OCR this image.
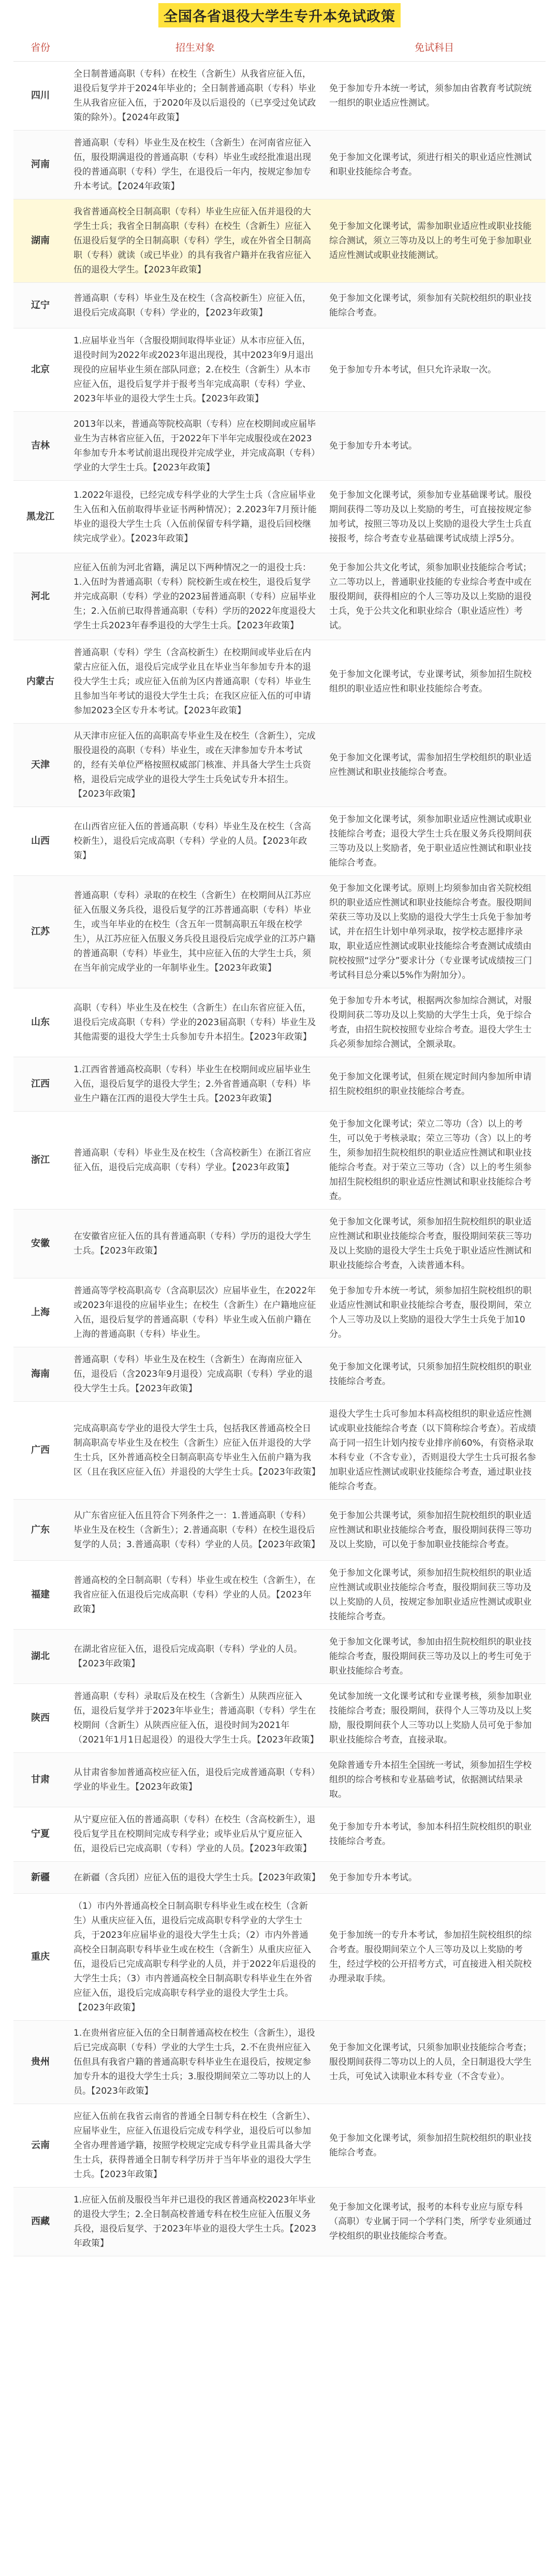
全国各省退役大学生专升本免试政策
省份	招生对象	免试科目
四川	全日制普通高职（专科）在校生（含新生）从我省应征入伍，退役后复学并于2024年毕业的；全日制普通高职（专科）毕业生从我省应征入伍，于2020年及以后退役的（已享受过免试政策的除外）。【2024年政策】	免于参加专升本统一考试，须参加由省教育考试院统一组织的职业适应性测试。
河南	普通高职（专科）毕业生及在校生（含新生）在河南省应征入伍，服役期满退役的普通高职（专科）毕业生或经批准退出现役的普通高职（专科）学生，在退役后一年内，按规定参加专升本考试。【2024年政策】	免于参加文化课考试，须进行相关的职业适应性测试和职业技能综合考查。
湖南	我省普通高校全日制高职（专科）毕业生应征入伍并退役的大学生士兵；我省全日制高职（专科）在校生（含新生）应征入伍退役后复学的全日制高职（专科）学生，或在外省全日制高职（专科）就读（或已毕业）的具有我省户籍并在我省应征入伍的退役大学生。【2023年政策】	免于参加文化课考试，需参加职业适应性或职业技能综合测试，须立三等功及以上的考生可免于参加职业适应性测试或职业技能测试。
辽宁	普通高职（专科）毕业生及在校生（含高校新生）应征入伍，退役后完成高职（专科）学业的，【2023年政策】	免于参加文化课考试，须参加有关院校组织的职业技能综合考查。
北京	1.应届毕业当年（含服役期间取得毕业证）从本市应征入伍，退役时间为2022年或2023年退出现役，其中2023年9月退出现役的应届毕业生须在部队同意；2.在校生（含新生）从本市应征入伍，退役后复学并于报考当年完成高职（专科）学业、2023年毕业的退役大学生士兵。【2023年政策】	免于参加专升本考试，但只允许录取一次。
吉林	2013年以来，普通高等院校高职（专科）应在校期间或应届毕业生为吉林省应征入伍，于2022年下半年完成服役或在2023年参加专升本考试前退出现役并完成学业，并完成高职（专科）学业的大学生士兵。【2023年政策】	免于参加专升本考试。
黑龙江	1.2022年退役，已经完成专科学业的大学生士兵（含应届毕业生入伍和入伍前取得毕业证书两种情况）；2.2023年7月预计能毕业的退役大学生士兵（入伍前保留专科学籍，退役后回校继续完成学业）。【2023年政策】	免于参加文化课考试，须参加专业基础课考试。服役期间获得二等功及以上奖励的考生，可直接按规定参加考试，按照三等功及以上奖励的退役大学生士兵直接报考，综合考查专业基础课考试成绩上浮5分。
河北	应征入伍前为河北省籍，满足以下两种情况之一的退役士兵：1.入伍时为普通高职（专科）院校新生或在校生，退役后复学并完成高职（专科）学业的2023届普通高职（专科）应届毕业生；2.入伍前已取得普通高职（专科）学历的2022年度退役大学生士兵2023年春季退役的大学生士兵。【2023年政策】	免于参加公共文化考试，须参加职业技能综合考试；立二等功以上，普通职业技能的专业综合考查中或在服役期间，获得相应的个人三等功及以上奖励的退役士兵，免于公共文化和职业综合（职业适应性）考试。
内蒙古	普通高职（专科）学生（含高校新生）在校期间或毕业后在内蒙古应征入伍，退役后完成学业且在毕业当年参加专升本的退役大学生士兵；或应征入伍前为区内普通高职（专科）毕业生且参加当年考试的退役大学生士兵；在我区应征入伍的可申请参加2023全区专升本考试。【2023年政策】	免于参加文化课考试，专业课考试，须参加招生院校组织的职业适应性和职业技能综合考查。
天津	从天津市应征入伍的高职高专毕业生及在校生（含新生），完成服役退役的高职（专科）毕业生，或在天津参加专升本考试的，经有关单位严格按照权威部门核准、并具备大学生士兵资格，退役后完成学业的退役大学生士兵免试专升本招生。【2023年政策】	免于参加文化课考试，需参加招生学校组织的职业适应性测试和职业技能综合考查。
山西	在山西省应征入伍的普通高职（专科）毕业生及在校生（含高校新生），退役后完成高职（专科）学业的人员。【2023年政策】	免于参加文化课考试，须参加职业适应性测试或职业技能综合考查；退役大学生士兵在服义务兵役期间获三等功及以上奖励者，免于职业适应性测试和职业技能综合考查。
江苏	普通高职（专科）录取的在校生（含新生）在校期间从江苏应征入伍服义务兵役，退役后复学的江苏普通高职（专科）毕业生，或当年毕业的在校生（含五年一贯制高职五年级在校学生），从江苏应征入伍服义务兵役且退役后完成学业的江苏户籍的普通高职（专科）毕业生，其中应征入伍的大学生士兵，须在当年前完成学业的一年制毕业生。【2023年政策】	免于参加文化课考试。原则上均须参加由省关院校组织的职业适应性测试和职业技能综合考查。服役期间荣获三等功及以上奖励的退役大学生士兵免于参加考试，并在招生计划中单列录取，按学校志愿排序录取，职业适应性测试或职业技能综合考查测试成绩由院校按照“过学分”要求计分（专业课考试成绩按三门考试科目总分乘以5%作为附加分）。
山东	高职（专科）毕业生及在校生（含新生）在山东省应征入伍，退役后完成高职（专科）学业的2023届高职（专科）毕业生及其他需要的退役大学生士兵参加专升本招生。【2023年政策】	免于参加专升本考试，根据两次参加综合测试，对服役期间获二等功及以上奖励的大学生士兵，免于综合考查，由招生院校按照专业综合考查。退役大学生士兵必须参加综合测试，全额录取。
江西	1.江西省普通高校高职（专科）毕业生在校期间或应届毕业生入伍，退役后复学的退役大学生；2.外省普通高职（专科）毕业生户籍在江西的退役大学生士兵。【2023年政策】	免于参加文化课考试，但须在规定时间内参加所申请招生院校组织的职业技能综合考查。
浙江	普通高职（专科）毕业生及在校生（含高校新生）在浙江省应征入伍，退役后完成高职（专科）学业。【2023年政策】	免于参加文化课考试；荣立二等功（含）以上的考生，可以免于考核录取；荣立三等功（含）以上的考生，须参加招生院校组织的职业适应性测试和职业技能综合考查。对于荣立三等功（含）以上的考生须参加招生院校组织的职业适应性测试和职业技能综合考查。
安徽	在安徽省应征入伍的具有普通高职（专科）学历的退役大学生士兵。【2023年政策】	免于参加文化课考试，须参加招生院校组织的职业适应性测试和职业技能综合考查，服役期间荣获三等功及以上奖励的退役大学生士兵免于职业适应性测试和职业技能综合考查，入读普通本科。
上海	普通高等学校高职高专（含高职层次）应届毕业生，在2022年或2023年退役的应届毕业生；在校生（含新生）在户籍地应征入伍，退役后复学的普通高职（专科）毕业生或入伍前户籍在上海的普通高职（专科）毕业生。	免于参加专升本统一考试，须参加招生院校组织的职业适应性测试和职业技能综合考查，服役期间，荣立个人三等功及以上奖励的退役大学生士兵免于加10分。
海南	普通高职（专科）毕业生及在校生（含新生）在海南应征入伍，退役后（含2023年9月退役）完成高职（专科）学业的退役大学生士兵。【2023年政策】	免于参加文化课考试，只须参加招生院校组织的职业技能综合考查。
广西	完成高职高专学业的退役大学生士兵，包括我区普通高校全日制高职高专毕业生及在校生（含新生）应征入伍并退役的大学生士兵，区外普通高校全日制高职高专毕业生入伍前户籍为我区（且在我区应征入伍）并退役的大学生士兵。【2023年政策】	退役大学生士兵可参加本科高校组织的职业适应性测试或职业技能综合考查（以下简称综合考查）。若成绩高于同一招生计划内按专业排序前60%，有资格录取本科专业（不含专业），否则退役大学生士兵可报名参加职业适应性测试或职业技能综合考查，通过职业技能综合考查。
广东	从广东省应征入伍且符合下列条件之一：1.普通高职（专科）毕业生及在校生（含新生）；2.普通高职（专科）在校生退役后复学的人员；3.普通高职（专科）学业的人员。【2023年政策】	免于参加公共课考试，须参加招生院校组织的职业适应性测试和职业技能综合考查，服役期间获得三等功及以上奖励，可以免于参加职业技能综合考查。
福建	普通高校的全日制高职（专科）毕业生或在校生（含新生），在我省应征入伍退役后完成高职（专科）学业的人员。【2023年政策】	免于参加文化课考试，须参加招生院校组织的职业适应性测试或职业技能综合考查，服役期间获三等功及以上奖励的人员，按规定参加职业适应性测试或职业技能综合考查。
湖北	在湖北省应征入伍，退役后完成高职（专科）学业的人员。【2023年政策】	免于参加文化课考试，参加由招生院校组织的职业技能综合考查，服役期间获三等功及以上的考生可免于职业技能综合考查。
陕西	普通高职（专科）录取后及在校生（含新生）从陕西应征入伍，退役后复学并于2023年毕业生；普通高职（专科）学生在校期间（含新生）从陕西应征入伍，退役时间为2021年（2021年1月1日起退役）的退役大学生士兵。【2023年政策】	免试参加统一文化课考试和专业课考核，须参加职业技能综合考查；服役期间，获得个人三等功及以上奖励，服役期间获个人三等功以上奖励人员可免于参加职业技能综合考查，直接录取。
甘肃	从甘肃省参加普通高校应征入伍，退役后完成普通高职（专科）学业的毕业生。【2023年政策】	免除普通专升本招生全国统一考试，须参加招生学校组织的综合考核和专业基础考试，依据测试结果录取。
宁夏	从宁夏应征入伍的普通高职（专科）在校生（含高校新生），退役后复学且在校期间完成专科学业；或毕业后从宁夏应征入伍，退役后已完成高职（专科）学业的人员。【2023年政策】	免于参加专升本考试，参加本科招生院校组织的职业技能综合考查。
新疆	在新疆（含兵团）应征入伍的退役大学生士兵。【2023年政策】	免于参加专升本考试。
重庆	（1）市内外普通高校全日制高职专科毕业生或在校生（含新生）从重庆应征入伍，退役后完成高职专科学业的大学生士兵，于2023年应届毕业的退役大学生士兵；（2）市内外普通高校全日制高职专科毕业生或在校生（含新生）从重庆应征入伍，退役后已完成高职专科学业的人员，并于2022年后退役的大学生士兵；（3）市内普通高校全日制高职专科毕业生在外省应征入伍，退役后完成高职专科学业的退役大学生士兵。【2023年政策】	免于参加统一的专升本考试，参加招生院校组织的综合考查。服役期间荣立个人三等功及以上奖励的考生，经过学校的公开招考方式，可直接进入相关院校办理录取手续。
贵州	1.在贵州省应征入伍的全日制普通高校在校生（含新生），退役后已完成高职（专科）学业的大学生士兵，2.不在贵州应征入伍但具有我省户籍的普通高职专科毕业生在退役后，按规定参加专升本的退役大学生士兵；3.服役期间荣立二等功以上的人员。【2023年政策】	免于参加文化课考试，只须参加职业技能综合考查；服役期间获得二等功以上的人员，全日制退役大学生士兵，可免试入读职业本科专业（不含专业）。
云南	应征入伍前在我省云南省的普通全日制专科在校生（含新生）、应届毕业生，应征入伍退役后完成专科学业，退役后可以参加全省办理普通学籍，按照学校规定完成专科学业且需具备大学生士兵，获得普通全日制专科学历并于当年毕业的退役大学生士兵。【2023年政策】	免于参加文化课考试，须参加招生院校组织的职业技能综合考查。
西藏	1.应征入伍前及服役当年并已退役的我区普通高校2023年毕业的退役大学生；2.全日制高校普通专科在校生应征入伍服义务兵役，退役后复学、于2023年毕业的退役大学生士兵。【2023年政策】	免于参加文化课考试，报考的本科专业应与原专科（高职）专业属于同一个学科门类，所学专业须通过学校组织的职业技能综合考查。
